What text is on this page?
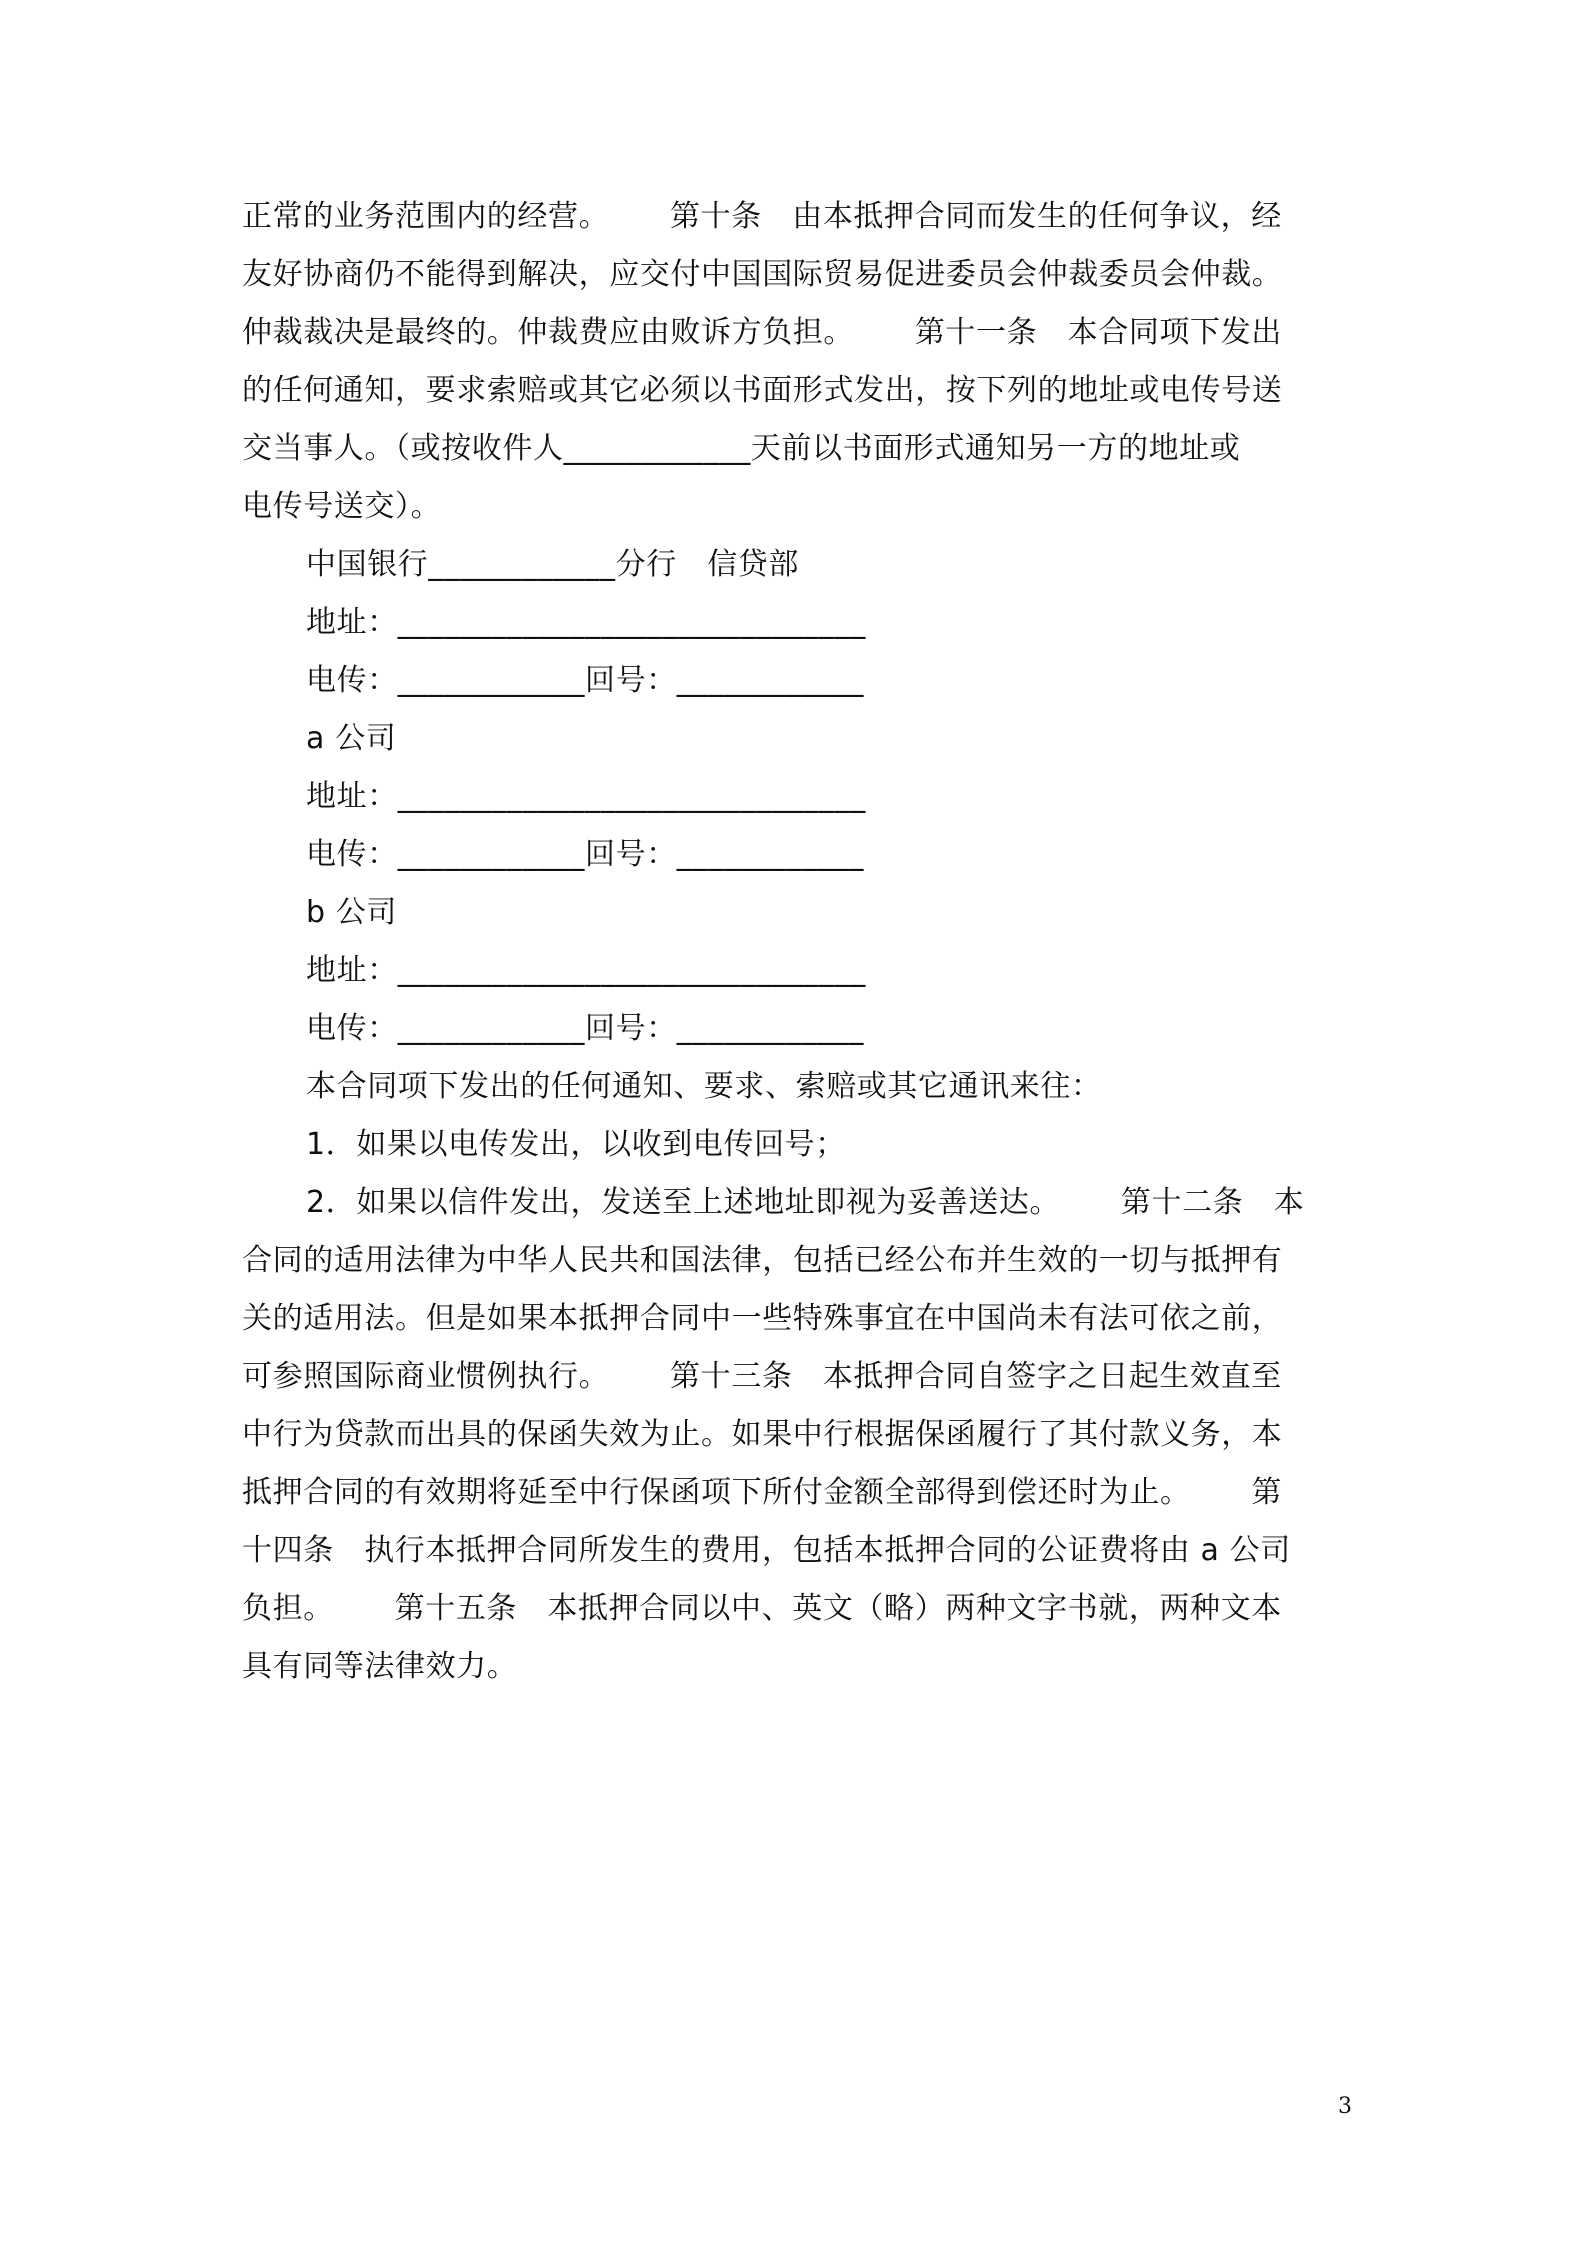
正常的业务范围内的经营。      第十条   由本抵押合同而发生的任何争议，经
友好协商仍不能得到解决，应交付中国国际贸易促进委员会仲裁委员会仲裁。
仲裁裁决是最终的。仲裁费应由败诉方负担。      第十一条   本合同项下发出
的任何通知，要求索赔或其它必须以书面形式发出，按下列的地址或电传号送
交当事人。（或按收件人____________天前以书面形式通知另一方的地址或
电传号送交）。
中国银行____________分行   信贷部
地址：______________________________
电传：____________回号：____________
a 公司
地址：______________________________
电传：____________回号：____________
b 公司
地址：______________________________
电传：____________回号：____________
本合同项下发出的任何通知、要求、索赔或其它通讯来往：
1．如果以电传发出，以收到电传回号；
2．如果以信件发出，发送至上述地址即视为妥善送达。      第十二条   本
合同的适用法律为中华人民共和国法律，包括已经公布并生效的一切与抵押有
关的适用法。但是如果本抵押合同中一些特殊事宜在中国尚未有法可依之前，
可参照国际商业惯例执行。      第十三条   本抵押合同自签字之日起生效直至
中行为贷款而出具的保函失效为止。如果中行根据保函履行了其付款义务，本
抵押合同的有效期将延至中行保函项下所付金额全部得到偿还时为止。      第
十四条   执行本抵押合同所发生的费用，包括本抵押合同的公证费将由 a 公司
负担。      第十五条   本抵押合同以中、英文（略）两种文字书就，两种文本
具有同等法律效力。
3
